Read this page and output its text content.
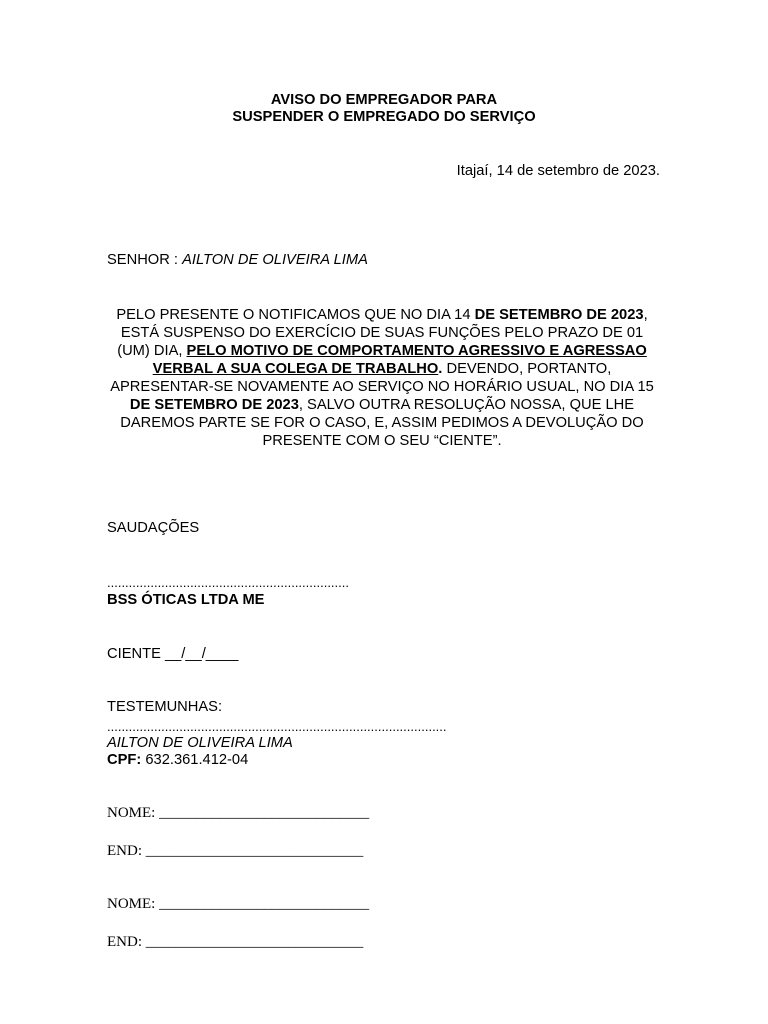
AVISO DO EMPREGADOR PARA
SUSPENDER O EMPREGADO DO SERVIÇO
Itajaí, 14 de setembro de 2023.
SENHOR : AILTON DE OLIVEIRA LIMA
PELO PRESENTE O NOTIFICAMOS QUE NO DIA 14 DE SETEMBRO DE 2023, ESTÁ SUSPENSO DO EXERCÍCIO DE SUAS FUNÇÕES PELO PRAZO DE 01 (UM) DIA, PELO MOTIVO DE COMPORTAMENTO AGRESSIVO E AGRESSAO VERBAL A SUA COLEGA DE TRABALHO. DEVENDO, PORTANTO, APRESENTAR-SE NOVAMENTE AO SERVIÇO NO HORÁRIO USUAL, NO DIA 15 DE SETEMBRO DE 2023, SALVO OUTRA RESOLUÇÃO NOSSA, QUE LHE DAREMOS PARTE SE FOR O CASO, E, ASSIM PEDIMOS A DEVOLUÇÃO DO PRESENTE COM O SEU “CIENTE”.
SAUDAÇÕES
...................................................................
BSS ÓTICAS LTDA ME
CIENTE __/__/____
TESTEMUNHAS:
..............................................................................................
AILTON DE OLIVEIRA LIMA
CPF: 632.361.412-04
NOME: ____________________________
END: _____________________________
NOME: ____________________________
END: _____________________________
